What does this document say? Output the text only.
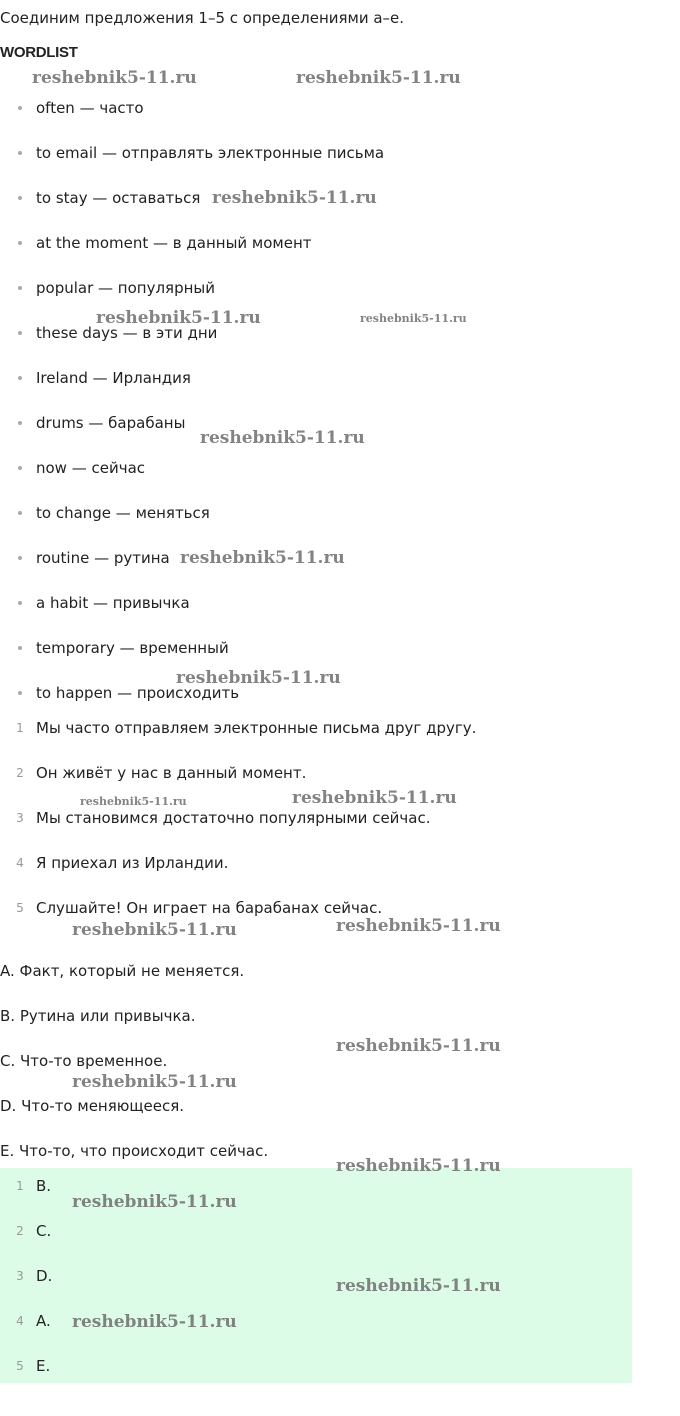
Соединим предложения 1–5 с определениями a–e.
WORDLIST
often — часто
to email — отправлять электронные письма
to stay — оставаться
at the moment — в данный момент
popular — популярный
these days — в эти дни
Ireland — Ирландия
drums — барабаны
now — сейчас
to change — меняться
routine — рутина
a habit — привычка
temporary — временный
to happen — происходить
1 Мы часто отправляем электронные письма друг другу.
2 Он живёт у нас в данный момент.
3 Мы становимся достаточно популярными сейчас.
4 Я приехал из Ирландии.
5 Слушайте! Он играет на барабанах сейчас.
A. Факт, который не меняется.
B. Рутина или привычка.
C. Что-то временное.
D. Что-то меняющееся.
E. Что-то, что происходит сейчас.
1 B.
2 C.
3 D.
4 A.
5 E.
reshebnik5-11.ru	reshebnik5-11.ru
reshebnik5-11.ru
reshebnik5-11.ru	reshebnik5-11.ru
reshebnik5-11.ru
reshebnik5-11.ru
reshebnik5-11.ru
reshebnik5-11.ru	reshebnik5-11.ru
reshebnik5-11.ru	reshebnik5-11.ru
reshebnik5-11.ru
reshebnik5-11.ru
reshebnik5-11.ru
reshebnik5-11.ru
reshebnik5-11.ru
reshebnik5-11.ru
